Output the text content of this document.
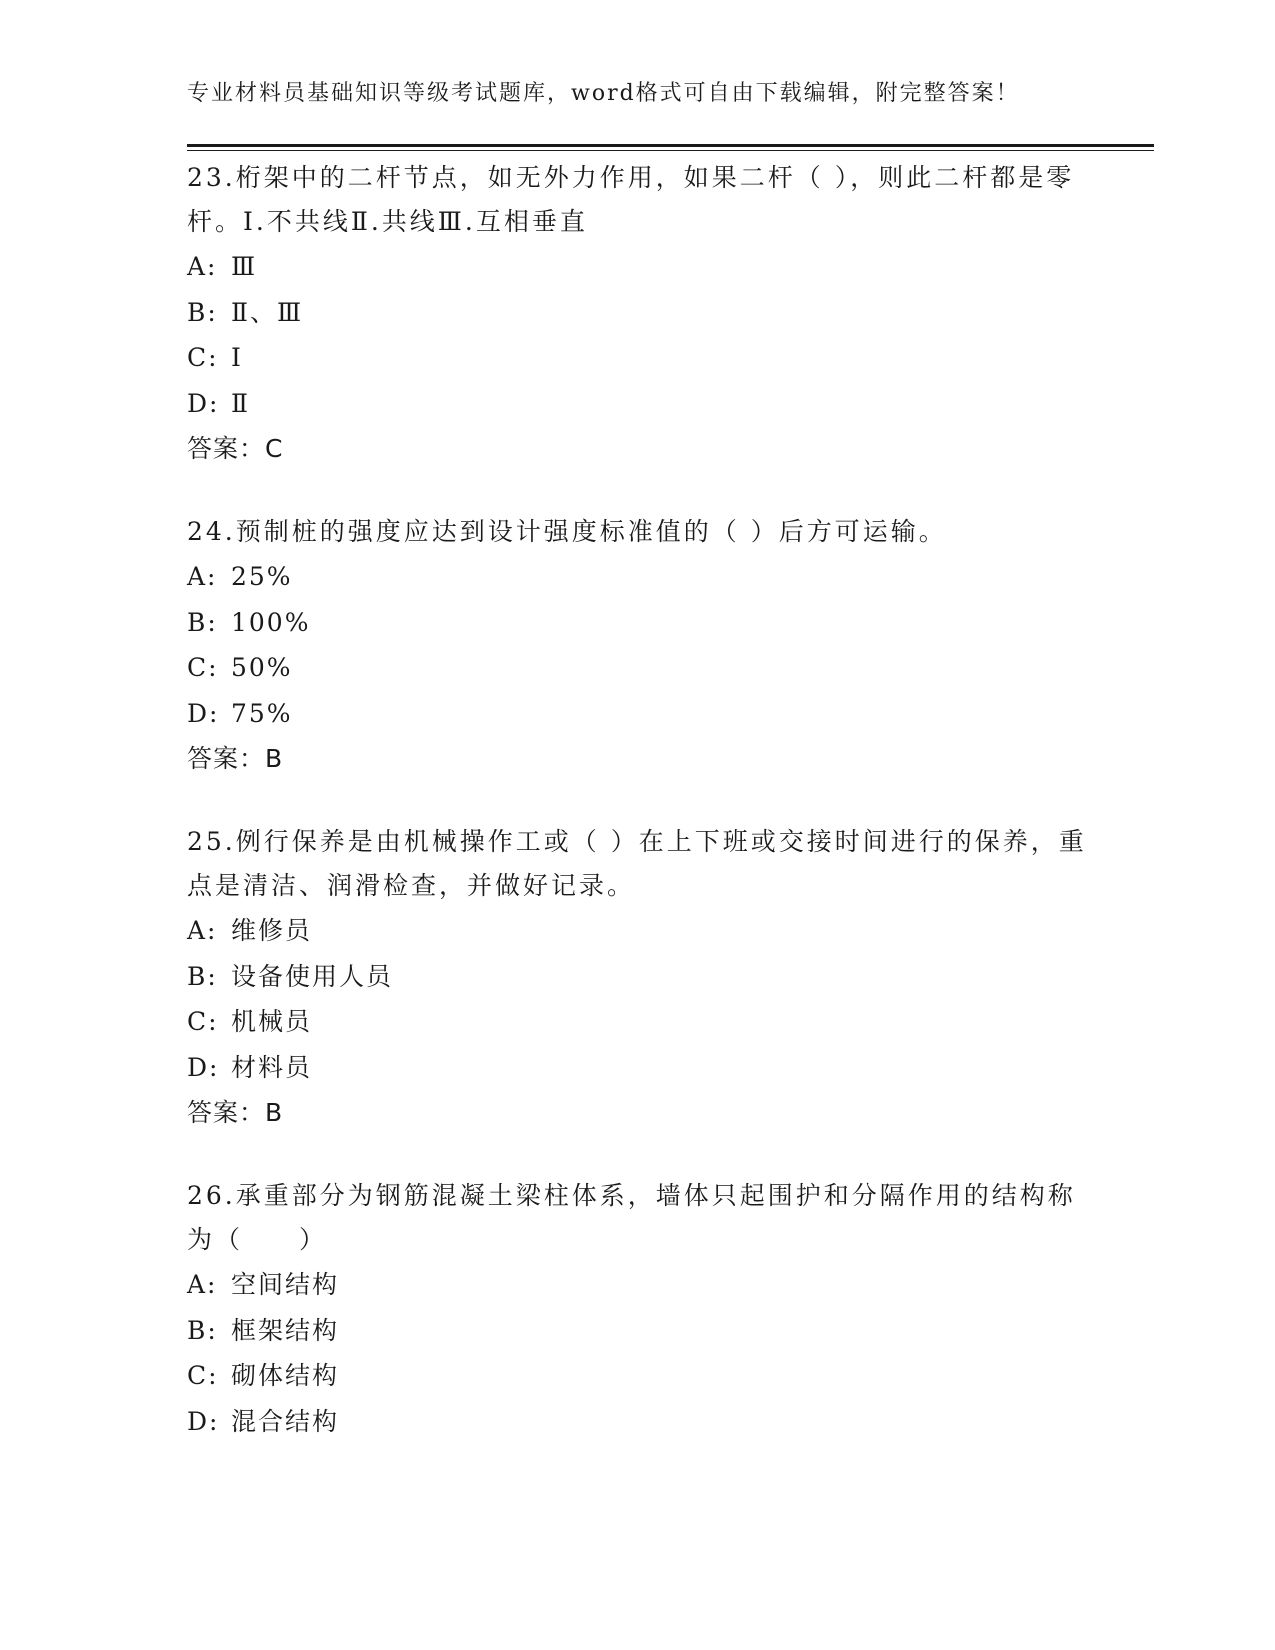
专业材料员基础知识等级考试题库，word格式可自由下载编辑，附完整答案！
23.桁架中的二杆节点，如无外力作用，如果二杆（ ），则此二杆都是零杆。I.不共线Ⅱ.共线Ⅲ.互相垂直
A: Ⅲ
B: Ⅱ、Ⅲ
C: I
D: Ⅱ
答案：C
24.预制桩的强度应达到设计强度标准值的（ ）后方可运输。
A: 25%
B: 100%
C: 50%
D: 75%
答案：B
25.例行保养是由机械操作工或（ ）在上下班或交接时间进行的保养，重点是清洁、润滑检查，并做好记录。
A: 维修员
B: 设备使用人员
C: 机械员
D: 材料员
答案：B
26.承重部分为钢筋混凝土梁柱体系，墙体只起围护和分隔作用的结构称为（　　）
A: 空间结构
B: 框架结构
C: 砌体结构
D: 混合结构
